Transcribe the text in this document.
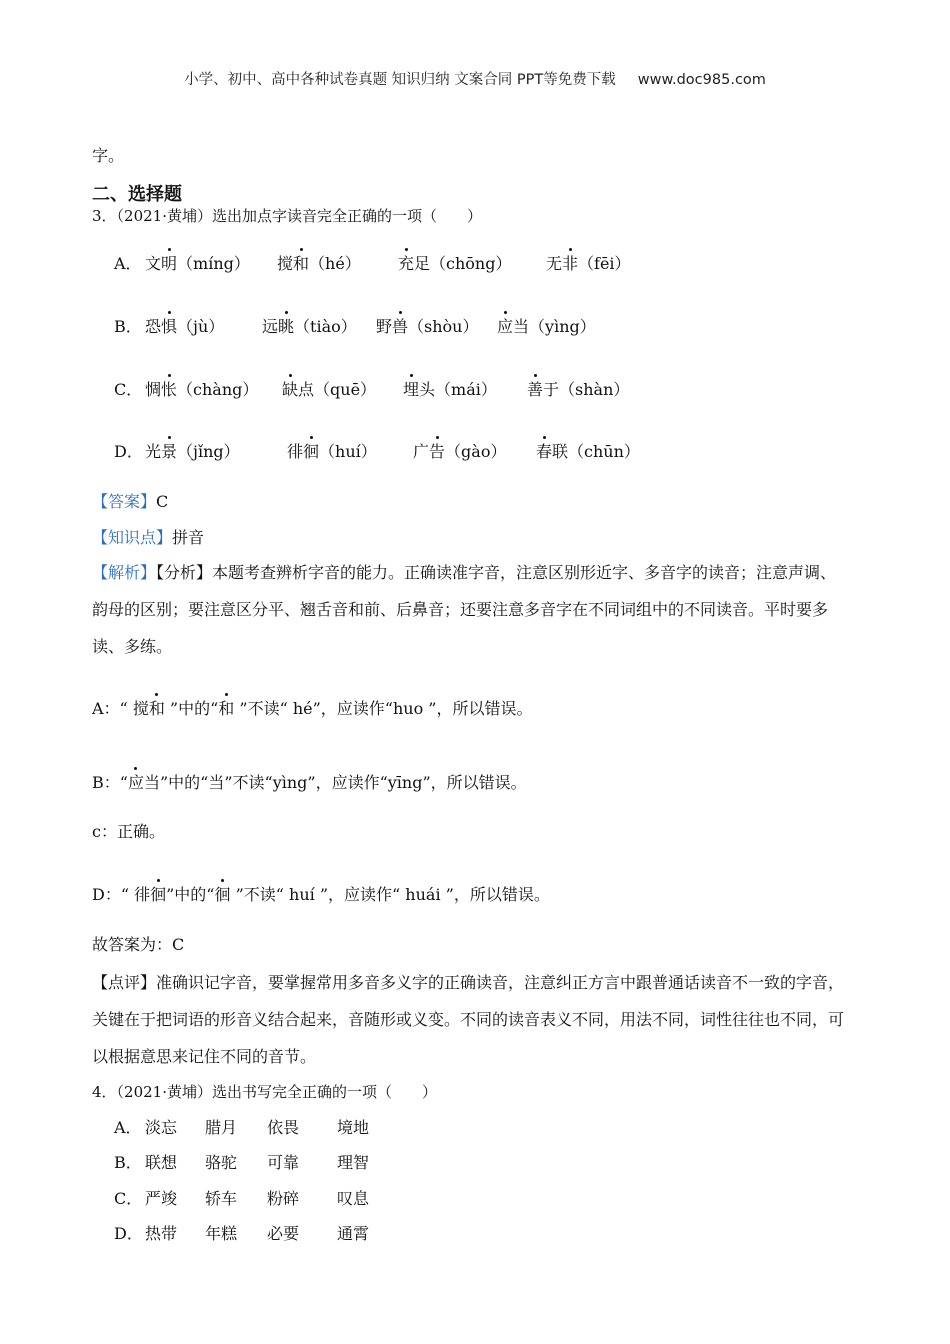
小学、初中、高中各种试卷真题 知识归纳 文案合同 PPT等免费下载 www.doc985.com
字。
二、选择题
3．（2021·黄埔）选出加点字读音完全正确的一项（　　）
A． 文明（míng） 搅和（hé） 充足（chōng） 无非（fēi）
B． 恐惧（jù） 远眺（tiào） 野兽（shòu） 应当（yìng）
C． 惆怅（chàng） 缺点（quē） 埋头（mái） 善于（shàn）
D． 光景（jǐng）	徘徊（huí） 广告（gào） 春联（chūn）
【答案】C
【知识点】拼音
【解析】【分析】本题考查辨析字音的能力。正确读准字音，注意区别形近字、多音字的读音；注意声调、韵母的区别；要注意区分平、翘舌音和前、后鼻音；还要注意多音字在不同词组中的不同读音。平时要多读、多练。
A：“ 搅和 ”中的“和 ”不读“ hé”，应读作“huo ”，所以错误。
B：“应当”中的“当”不读“yìng”，应读作“yīng”，所以错误。
c：正确。
D：“ 徘徊”中的“徊 ”不读“ huí ”，应读作“ huái ”，所以错误。
故答案为：C
【点评】准确识记字音，要掌握常用多音多义字的正确读音，注意纠正方言中跟普通话读音不一致的字音，关键在于把词语的形音义结合起来，音随形或义变。不同的读音表义不同，用法不同，词性往往也不同，可以根据意思来记住不同的音节。
4．（2021·黄埔）选出书写完全正确的一项（　　）
A． 淡忘 腊月 依畏 境地
B． 联想 骆驼 可靠 理智
C． 严竣 轿车 粉碎 叹息
D． 热带 年糕 必要 通霄
